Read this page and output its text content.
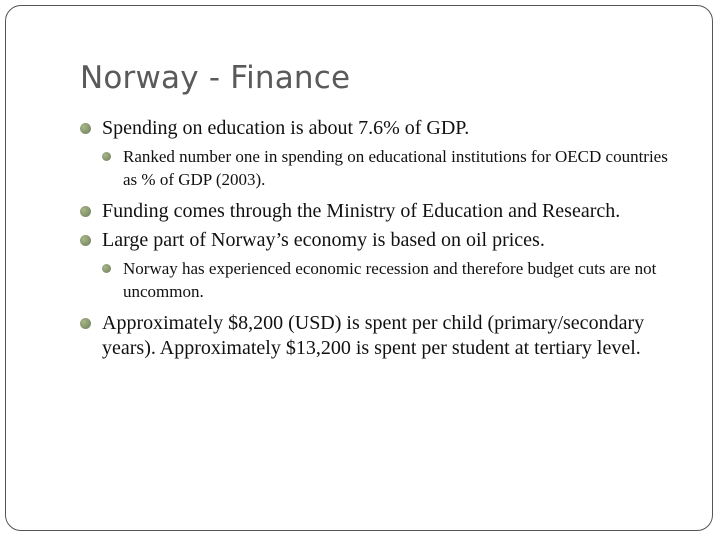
Norway - Finance
Spending on education is about 7.6% of GDP.
Ranked number one in spending on educational institutions for OECD countries as % of GDP (2003).
Funding comes through the Ministry of Education and Research.
Large part of Norway’s economy is based on oil prices.
Norway has experienced economic recession and therefore budget cuts are not uncommon.
Approximately $8,200 (USD) is spent per child (primary/secondary years). Approximately $13,200 is spent per student at tertiary level.
